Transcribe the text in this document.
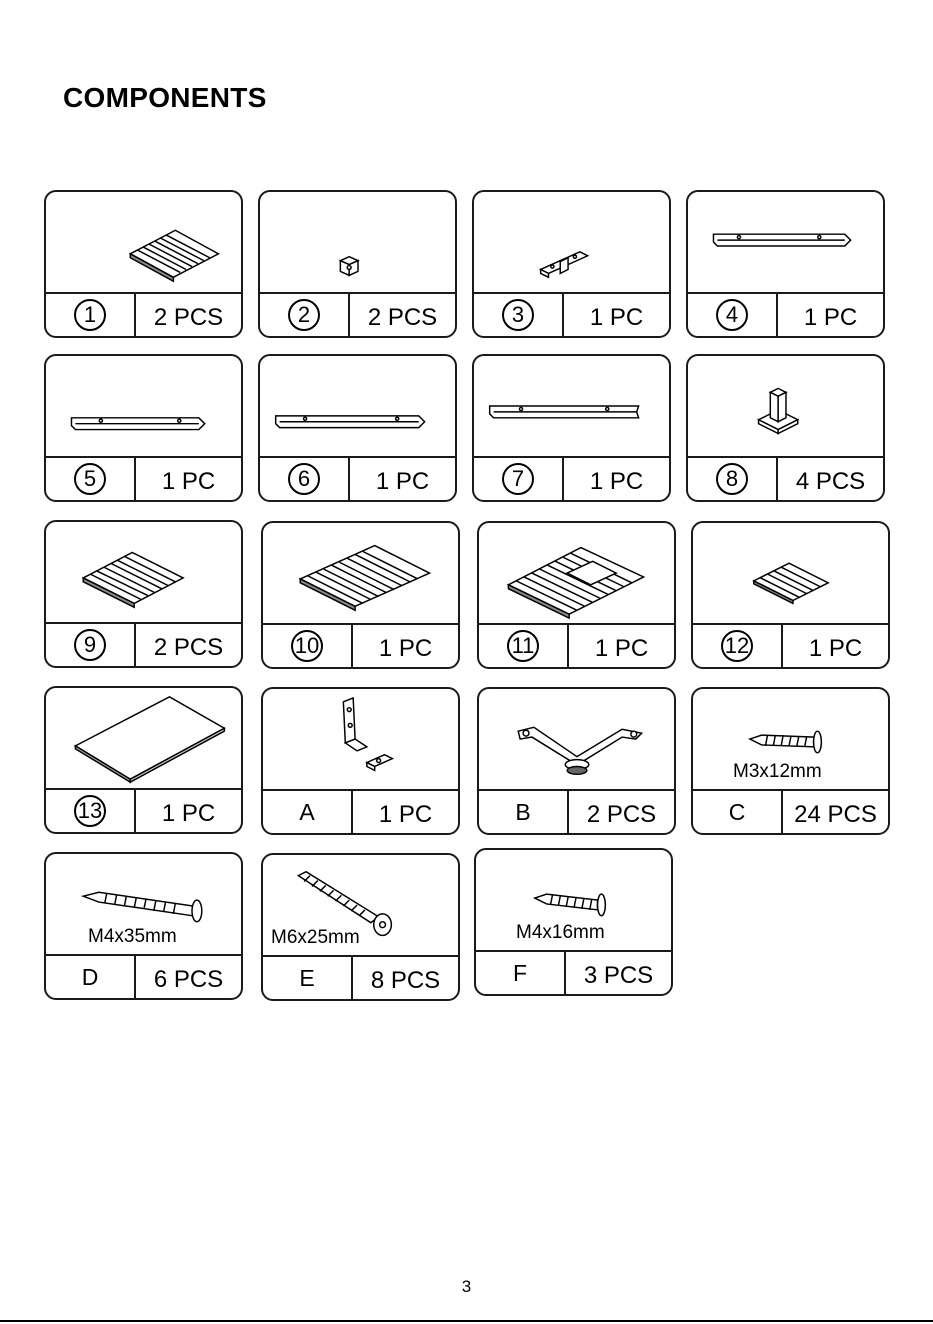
COMPONENTS
1	2 PCS	2	2 PCS	3	1 PC	4	1 PC
5	1 PC	6	1 PC	7	1 PC	8	4 PCS
9	2 PCS	10	1 PC	11	1 PC	12	1 PC
13	1 PC	A	1 PC	B	2 PCS
M3x12mm
C	24 PCS
M4x35mm
D	6 PCS
M6x25mm
E	8 PCS
M4x16mm
F	3 PCS
3
